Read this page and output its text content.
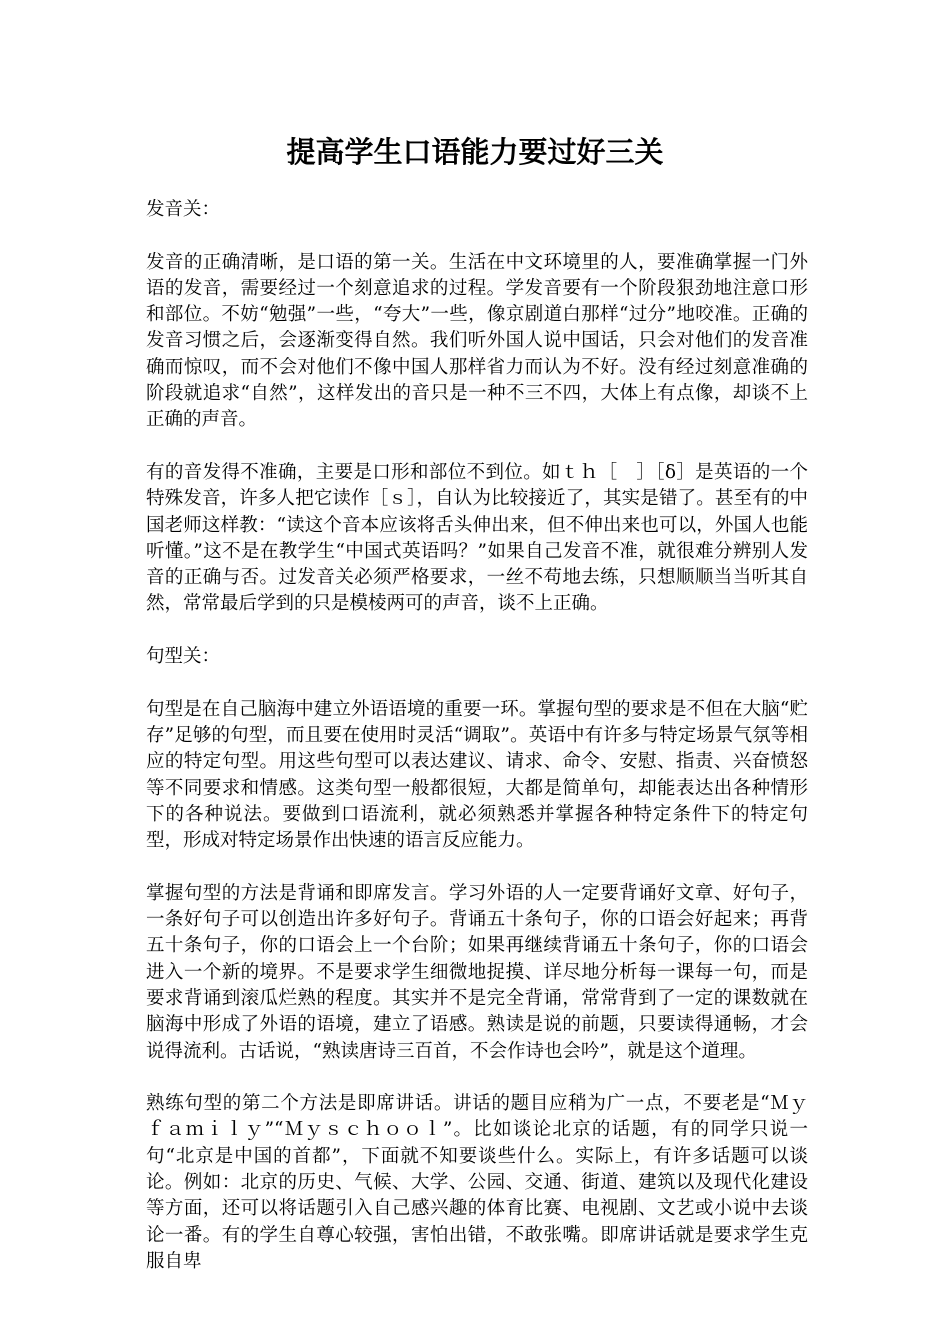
提高学生口语能力要过好三关

发音关：

发音的正确清晰，是口语的第一关。生活在中文环境里的人，要准确掌握一门外语的发音，需要经过一个刻意追求的过程。学发音要有一个阶段狠劲地注意口形和部位。不妨“勉强”一些，“夸大”一些，像京剧道白那样“过分”地咬准。正确的发音习惯之后，会逐渐变得自然。我们听外国人说中国话，只会对他们的发音准确而惊叹，而不会对他们不像中国人那样省力而认为不好。没有经过刻意准确的阶段就追求“自然”，这样发出的音只是一种不三不四，大体上有点像，却谈不上正确的声音。

有的音发得不准确，主要是口形和部位不到位。如ｔｈ［　］［δ］是英语的一个特殊发音，许多人把它读作［ｓ］，自认为比较接近了，其实是错了。甚至有的中国老师这样教：“读这个音本应该将舌头伸出来，但不伸出来也可以，外国人也能听懂。”这不是在教学生“中国式英语吗？”如果自己发音不准，就很难分辨别人发音的正确与否。过发音关必须严格要求，一丝不苟地去练，只想顺顺当当听其自然，常常最后学到的只是模棱两可的声音，谈不上正确。

句型关：

句型是在自己脑海中建立外语语境的重要一环。掌握句型的要求是不但在大脑“贮存”足够的句型，而且要在使用时灵活“调取”。英语中有许多与特定场景气氛等相应的特定句型。用这些句型可以表达建议、请求、命令、安慰、指责、兴奋愤怒等不同要求和情感。这类句型一般都很短，大都是简单句，却能表达出各种情形下的各种说法。要做到口语流利，就必须熟悉并掌握各种特定条件下的特定句型，形成对特定场景作出快速的语言反应能力。

掌握句型的方法是背诵和即席发言。学习外语的人一定要背诵好文章、好句子，一条好句子可以创造出许多好句子。背诵五十条句子，你的口语会好起来；再背五十条句子，你的口语会上一个台阶；如果再继续背诵五十条句子，你的口语会进入一个新的境界。不是要求学生细微地捉摸、详尽地分析每一课每一句，而是要求背诵到滚瓜烂熟的程度。其实并不是完全背诵，常常背到了一定的课数就在脑海中形成了外语的语境，建立了语感。熟读是说的前题，只要读得通畅，才会说得流利。古话说，“熟读唐诗三百首，不会作诗也会吟”，就是这个道理。

熟练句型的第二个方法是即席讲话。讲话的题目应稍为广一点，不要老是“Ｍｙ ｆａｍｉｌｙ”“Ｍｙｓｃｈｏｏｌ”。比如谈论北京的话题，有的同学只说一句“北京是中国的首都”，下面就不知要谈些什么。实际上，有许多话题可以谈论。例如：北京的历史、气候、大学、公园、交通、街道、建筑以及现代化建设等方面，还可以将话题引入自己感兴趣的体育比赛、电视剧、文艺或小说中去谈论一番。有的学生自尊心较强，害怕出错，不敢张嘴。即席讲话就是要求学生克服自卑
